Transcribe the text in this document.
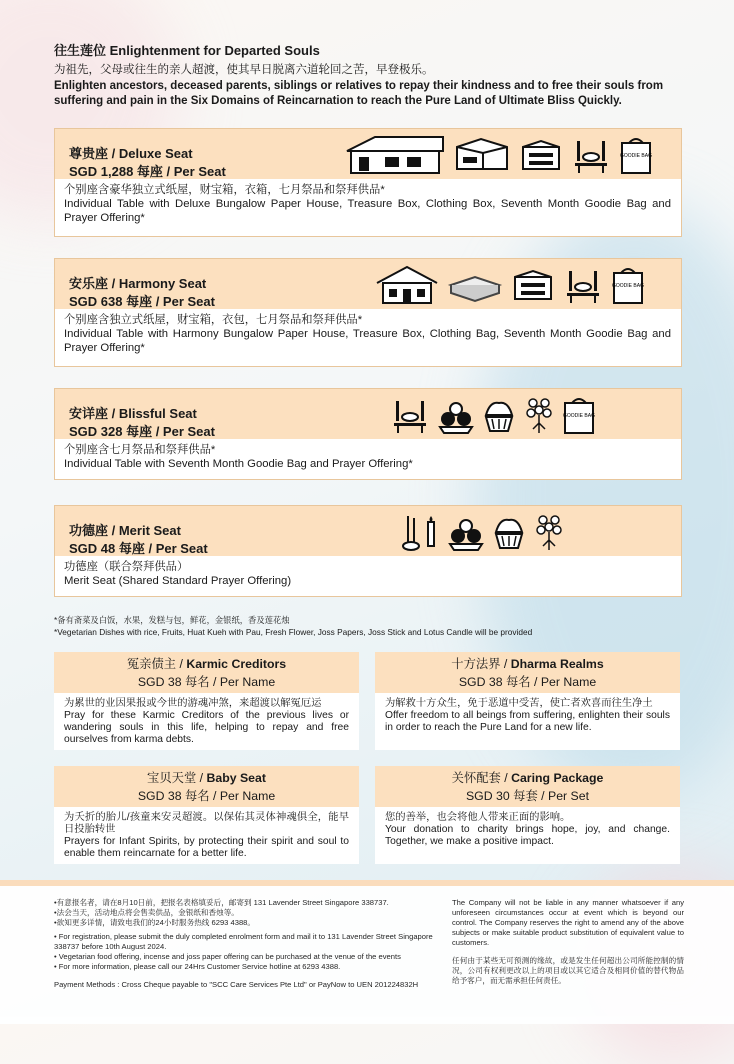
往生莲位 Enlightenment for Departed Souls
为祖先，父母或往生的亲人超渡，使其早日脱离六道轮回之苦，早登极乐。
Enlighten ancestors, deceased parents, siblings or relatives to repay their kindness and to free their souls from suffering and pain in the Six Domains of Reincarnation to reach the Pure Land of Ultimate Bliss Quickly.
尊贵座 / Deluxe Seat
SGD 1,288 每座 / Per Seat
GOODIE BAG
个别座含豪华独立式纸屋，财宝箱，衣箱，七月祭品和祭拜供品*
Individual Table with Deluxe Bungalow Paper House, Treasure Box, Clothing Box, Seventh Month Goodie Bag and Prayer Offering*
安乐座 / Harmony Seat
SGD 638 每座 / Per Seat
GOODIE BAG
个别座含独立式纸屋，财宝箱，衣包，七月祭品和祭拜供品*
Individual Table with Harmony Bungalow Paper House, Treasure Box, Clothing Bag, Seventh Month Goodie Bag and Prayer Offering*
安详座 / Blissful Seat
SGD 328 每座 / Per Seat
GOODIE BAG
个别座含七月祭品和祭拜供品*
Individual Table with Seventh Month Goodie Bag and Prayer Offering*
功德座 / Merit Seat
SGD 48 每座 / Per Seat
功德座（联合祭拜供品）
Merit Seat (Shared Standard Prayer Offering)
*备有斋菜及白饭，水果，发糕与包，鲜花，金银纸，香及莲花烛
*Vegetarian Dishes with rice, Fruits, Huat Kueh with Pau, Fresh Flower, Joss Papers, Joss Stick and Lotus Candle will be provided
冤亲债主 / Karmic Creditors
SGD 38 每名 / Per Name
为累世的业因果报或今世的游魂冲煞，来超渡以解冤厄运
Pray for these Karmic Creditors of the previous lives or wandering souls in this life, helping to repay and free ourselves from karma debts.
十方法界 / Dharma Realms
SGD 38 每名 / Per Name
为解救十方众生，免于恶道中受苦，使亡者欢喜而往生净土
Offer freedom to all beings from suffering, enlighten their souls in order to reach the Pure Land for a new life.
宝贝天堂 / Baby Seat
SGD 38 每名 / Per Name
为夭折的胎儿/孩童来安灵超渡。以保佑其灵体神魂俱全，能早日投胎转世
Prayers for Infant Spirits, by protecting their spirit and soul to enable them reincarnate for a better life.
关怀配套 / Caring Package
SGD 30 每套 / Per Set
您的善举，也会将他人带来正面的影响。
Your donation to charity brings hope, joy, and change. Together, we make a positive impact.
•有意报名者，请在8月10日前，把报名表格填妥后，邮寄到 131 Lavender Street Singapore 338737.
•法会当天，活动地点将会售卖供品，金银纸和香烛等。
•欲知更多详情，请致电我们的24小时服务热线 6293 4388。
• For registration, please submit the duly completed enrolment form and mail it to 131 Lavender Street Singapore 338737 before 10th August 2024.
• Vegetarian food offering, incense and joss paper offering can be purchased at the venue of the events
• For more information, please call our 24Hrs Customer Service hotline at 6293 4388.
Payment Methods : Cross Cheque payable to "SCC Care Services Pte Ltd" or PayNow to UEN 201224832H
The Company will not be liable in any manner whatsoever if any unforeseen circumstances occur at event which is beyond our control. The Company reserves the right to amend any of the above subjects or make suitable product substitution of equivalent value to customers.
任何由于某些无可预测的缘故，或是发生任何超出公司所能控制的情况，公司有权利更改以上的项目或以其它适合及相同价值的替代物品给予客户，而无需承担任何责任。
